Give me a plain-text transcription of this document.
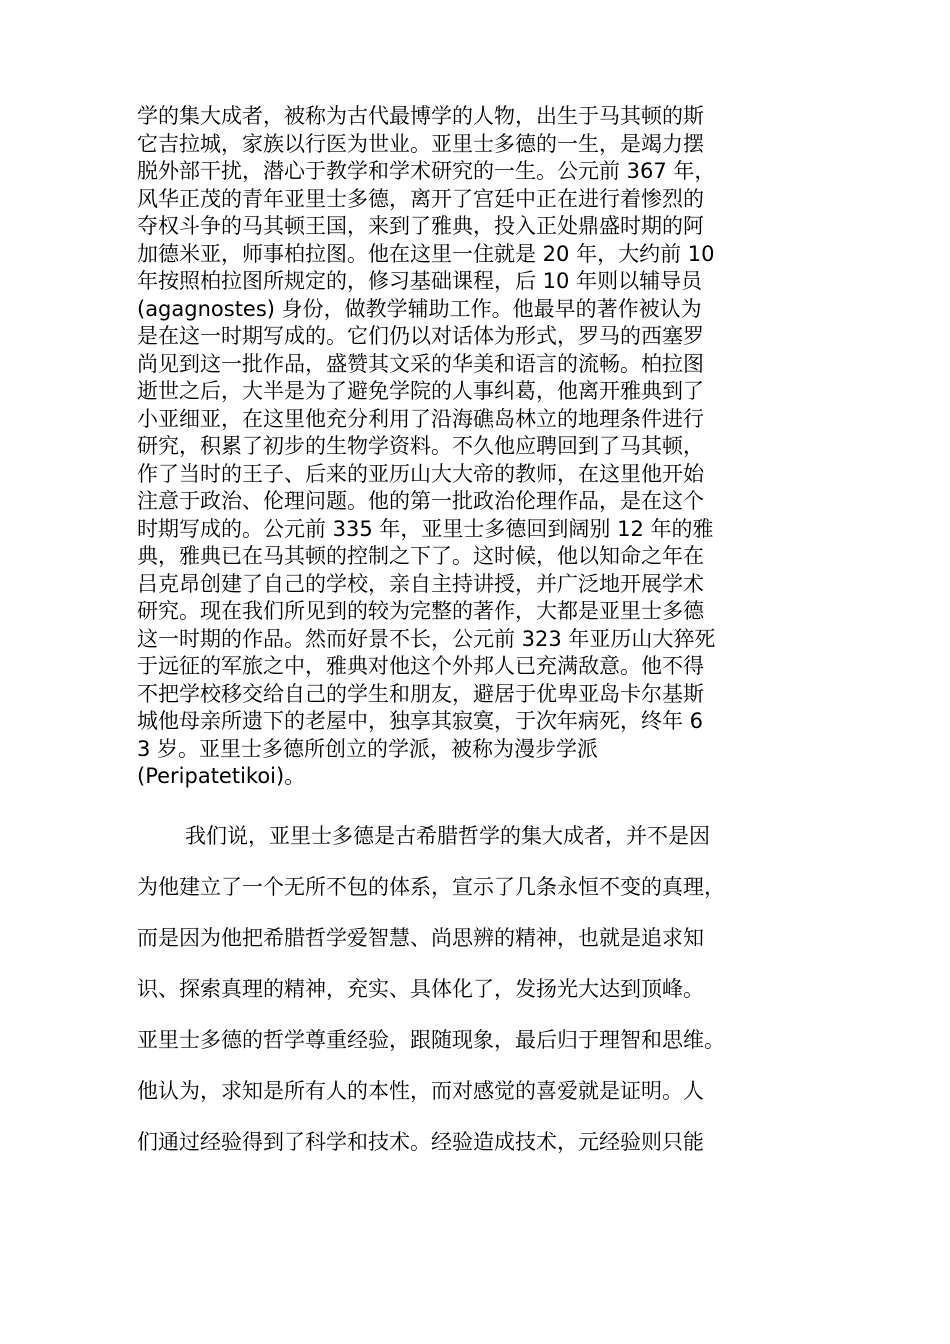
学的集大成者，被称为古代最博学的人物，出生于马其顿的斯
它吉拉城，家族以行医为世业。亚里士多德的一生，是竭力摆
脱外部干扰，潜心于教学和学术研究的一生。公元前 367 年，
风华正茂的青年亚里士多德，离开了宫廷中正在进行着惨烈的
夺权斗争的马其顿王国，来到了雅典，投入正处鼎盛时期的阿
加德米亚，师事柏拉图。他在这里一住就是 20 年，大约前 10
年按照柏拉图所规定的，修习基础课程，后 10 年则以辅导员
(agagnostes) 身份，做教学辅助工作。他最早的著作被认为
是在这一时期写成的。它们仍以对话体为形式，罗马的西塞罗
尚见到这一批作品，盛赞其文采的华美和语言的流畅。柏拉图
逝世之后，大半是为了避免学院的人事纠葛，他离开雅典到了
小亚细亚，在这里他充分利用了沿海礁岛林立的地理条件进行
研究，积累了初步的生物学资料。不久他应聘回到了马其顿，
作了当时的王子、后来的亚历山大大帝的教师，在这里他开始
注意于政治、伦理问题。他的第一批政治伦理作品，是在这个
时期写成的。公元前 335 年，亚里士多德回到阔别 12 年的雅
典，雅典已在马其顿的控制之下了。这时候，他以知命之年在
吕克昂创建了自己的学校，亲自主持讲授，并广泛地开展学术
研究。现在我们所见到的较为完整的著作，大都是亚里士多德
这一时期的作品。然而好景不长，公元前 323 年亚历山大猝死
于远征的军旅之中，雅典对他这个外邦人已充满敌意。他不得
不把学校移交给自己的学生和朋友，避居于优卑亚岛卡尔基斯
城他母亲所遗下的老屋中，独享其寂寞，于次年病死，终年 6
3 岁。亚里士多德所创立的学派，被称为漫步学派
(Peripatetikoi)。
我们说，亚里士多德是古希腊哲学的集大成者，并不是因
为他建立了一个无所不包的体系，宣示了几条永恒不变的真理，
而是因为他把希腊哲学爱智慧、尚思辨的精神，也就是追求知
识、探索真理的精神，充实、具体化了，发扬光大达到顶峰。
亚里士多德的哲学尊重经验，跟随现象，最后归于理智和思维。
他认为，求知是所有人的本性，而对感觉的喜爱就是证明。人
们通过经验得到了科学和技术。经验造成技术，元经验则只能
